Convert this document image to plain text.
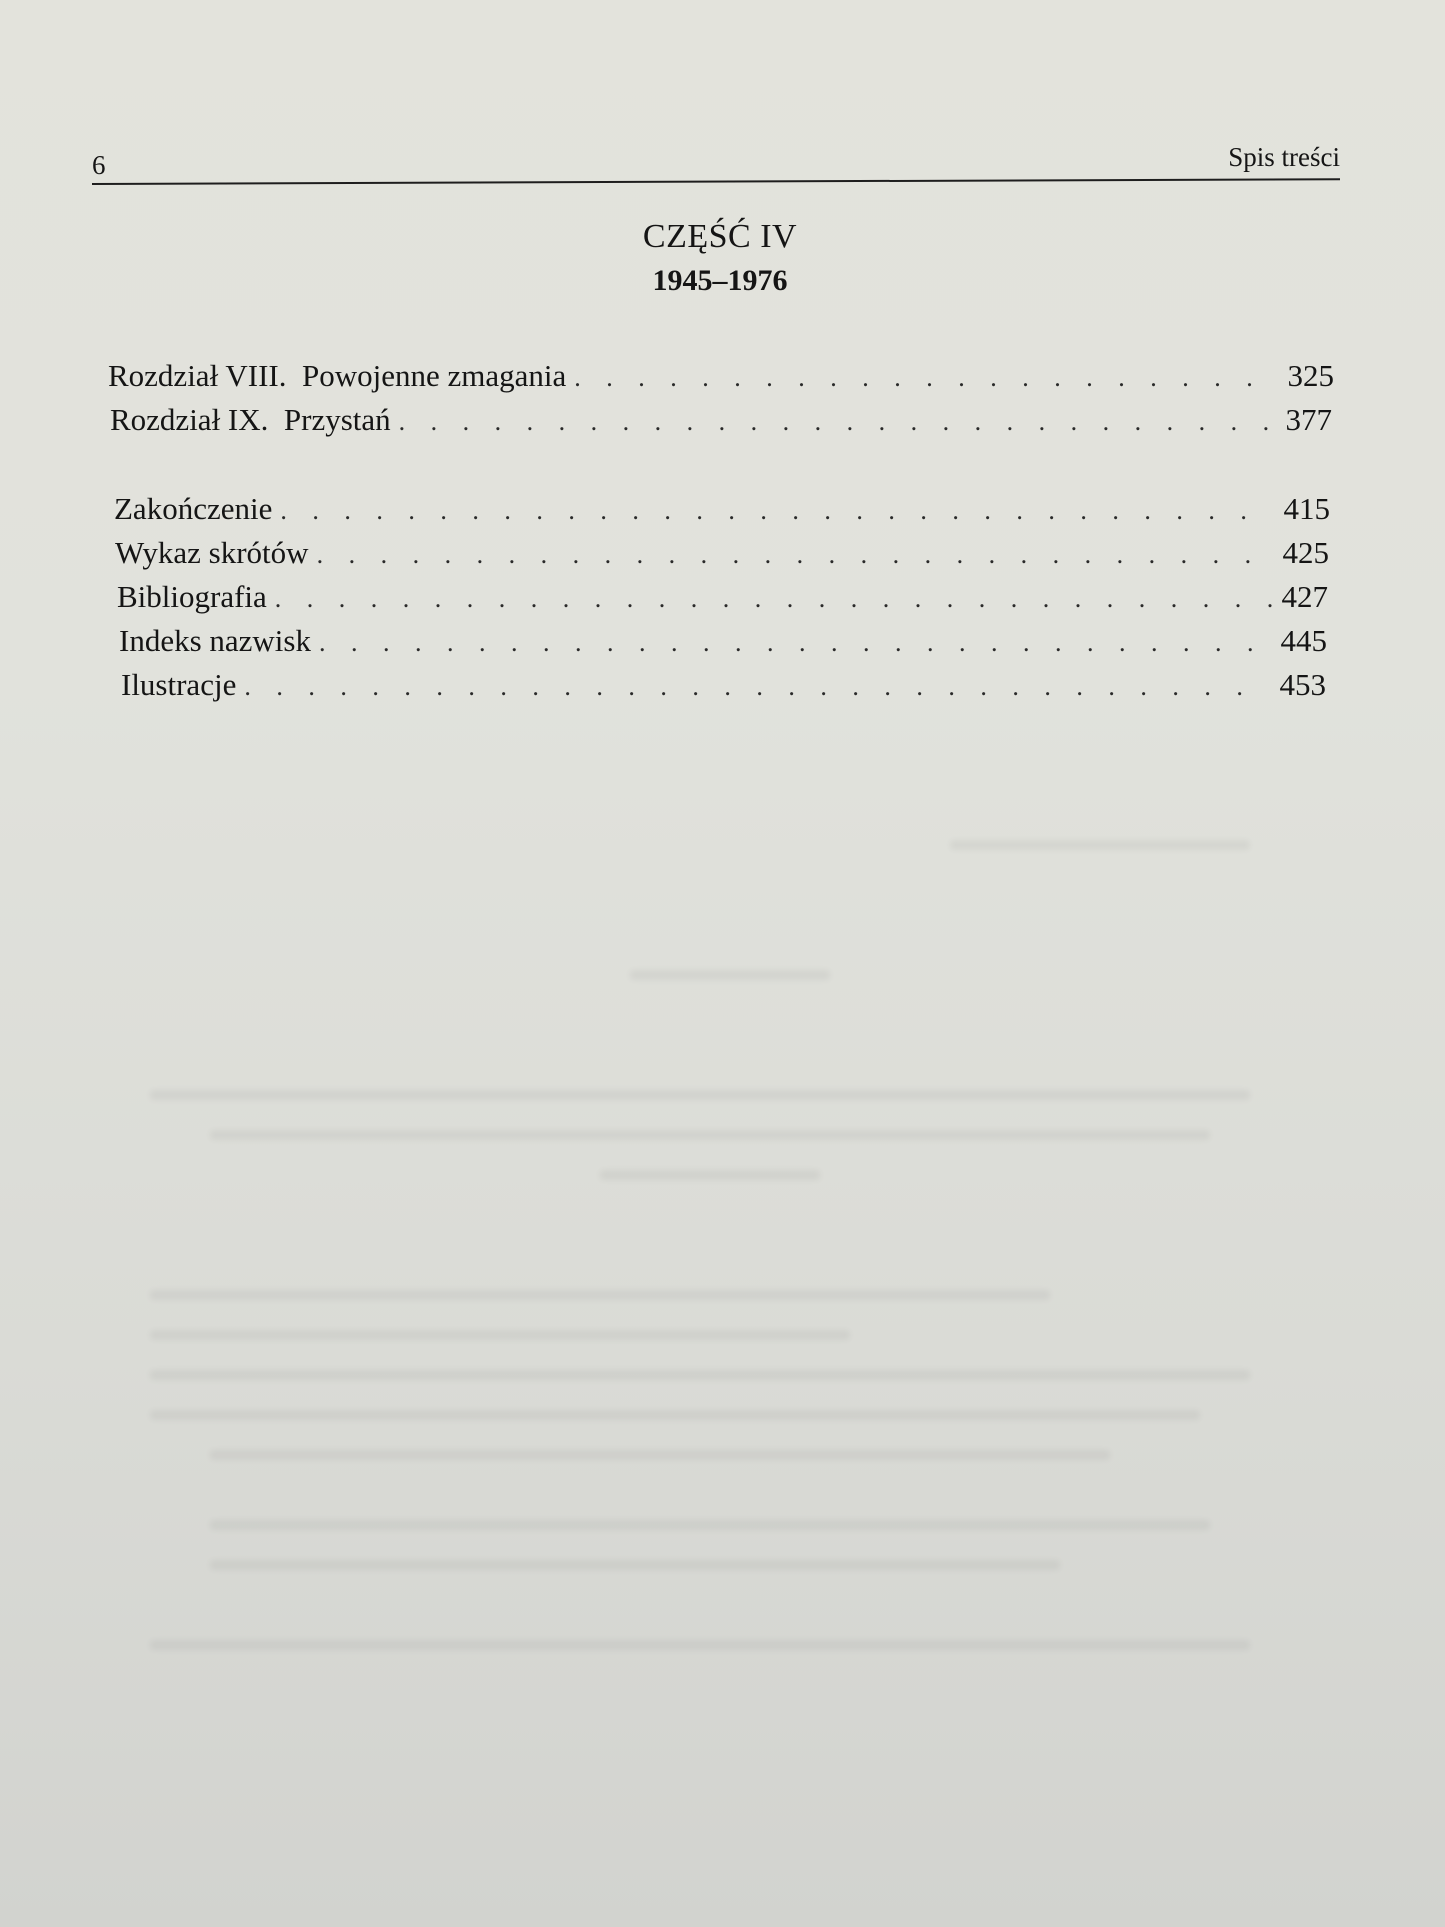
6	Spis treści
CZĘŚĆ IV
1945–1976
Rozdział VIII.  Powojenne zmagania . . .	325
Rozdział IX.  Przystań . . .	377
Zakończenie . . .	415
Wykaz skrótów . . .	425
Bibliografia . . .	427
Indeks nazwisk . . .	445
Ilustracje . . .	453
